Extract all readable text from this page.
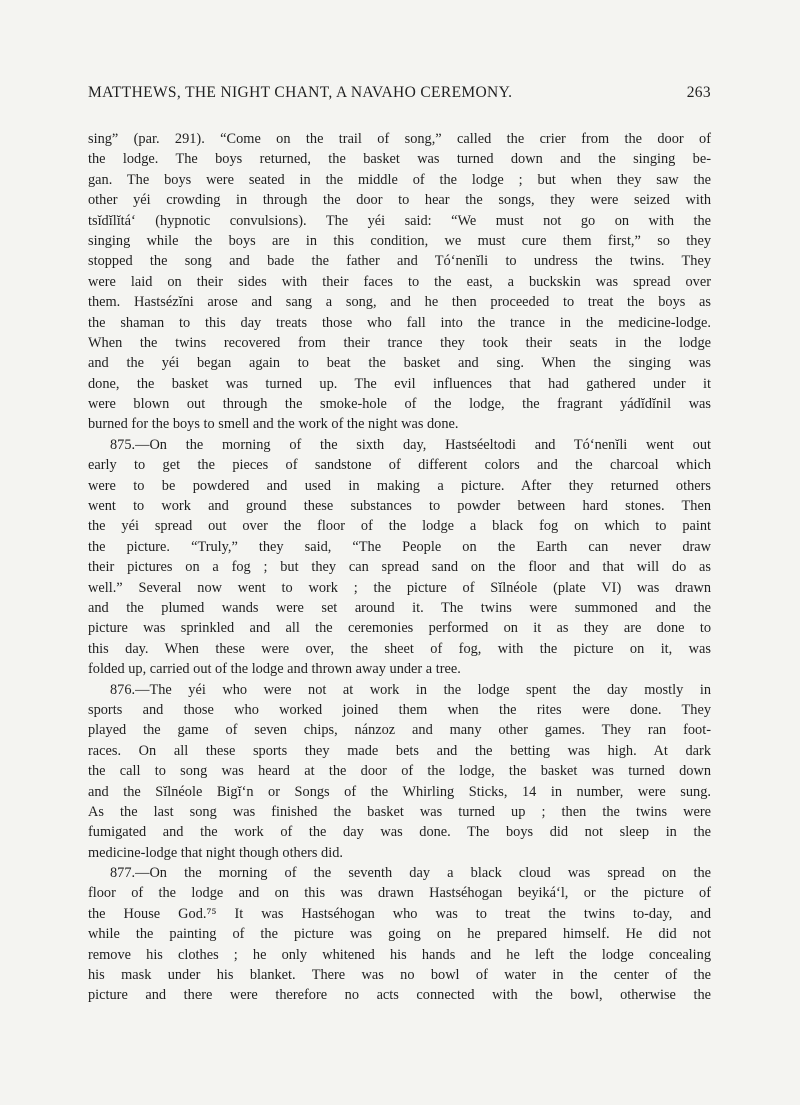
MATTHEWS, THE NIGHT CHANT, A NAVAHO CEREMONY.	263
sing” (par. 291). “Come on the trail of song,” called the crier from the door of
the lodge. The boys returned, the basket was turned down and the singing be-
gan. The boys were seated in the middle of the lodge ; but when they saw the
other yéi crowding in through the door to hear the songs, they were seized with
tsĭdĭlĭtá‘ (hypnotic convulsions). The yéi said: “We must not go on with the
singing while the boys are in this condition, we must cure them first,” so they
stopped the song and bade the father and Tó‘nenĭli to undress the twins. They
were laid on their sides with their faces to the east, a buckskin was spread over
them. Hastsézĭni arose and sang a song, and he then proceeded to treat the boys as
the shaman to this day treats those who fall into the trance in the medicine-lodge.
When the twins recovered from their trance they took their seats in the lodge
and the yéi began again to beat the basket and sing. When the singing was
done, the basket was turned up. The evil influences that had gathered under it
were blown out through the smoke-hole of the lodge, the fragrant yádĭdĭnil was
burned for the boys to smell and the work of the night was done.
875.—On the morning of the sixth day, Hastséeltodi and Tó‘nenĭli went out
early to get the pieces of sandstone of different colors and the charcoal which
were to be powdered and used in making a picture. After they returned others
went to work and ground these substances to powder between hard stones. Then
the yéi spread out over the floor of the lodge a black fog on which to paint
the picture. “Truly,” they said, “The People on the Earth can never draw
their pictures on a fog ; but they can spread sand on the floor and that will do as
well.” Several now went to work ; the picture of Sĭlnéole (plate VI) was drawn
and the plumed wands were set around it. The twins were summoned and the
picture was sprinkled and all the ceremonies performed on it as they are done to
this day. When these were over, the sheet of fog, with the picture on it, was
folded up, carried out of the lodge and thrown away under a tree.
876.—The yéi who were not at work in the lodge spent the day mostly in
sports and those who worked joined them when the rites were done. They
played the game of seven chips, nánzoz and many other games. They ran foot-
races. On all these sports they made bets and the betting was high. At dark
the call to song was heard at the door of the lodge, the basket was turned down
and the Sĭlnéole Bigĭ‘n or Songs of the Whirling Sticks, 14 in number, were sung.
As the last song was finished the basket was turned up ; then the twins were
fumigated and the work of the day was done. The boys did not sleep in the
medicine-lodge that night though others did.
877.—On the morning of the seventh day a black cloud was spread on the
floor of the lodge and on this was drawn Hastséhogan beyiká‘l, or the picture of
the House God.⁷⁵ It was Hastséhogan who was to treat the twins to-day, and
while the painting of the picture was going on he prepared himself. He did not
remove his clothes ; he only whitened his hands and he left the lodge concealing
his mask under his blanket. There was no bowl of water in the center of the
picture and there were therefore no acts connected with the bowl, otherwise the
